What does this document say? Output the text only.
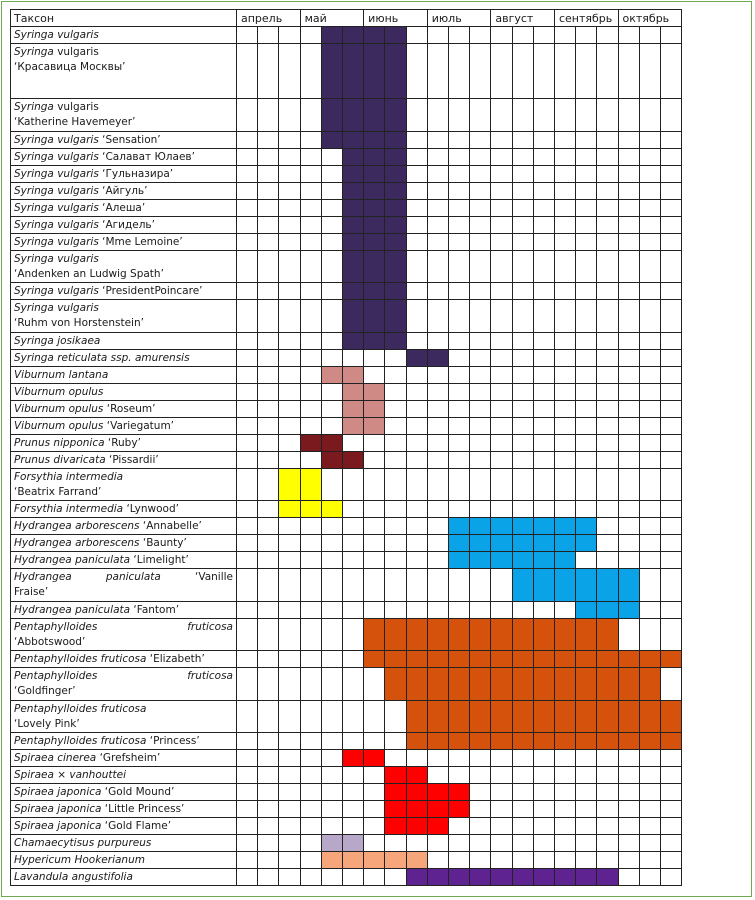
Таксон	апрель			май			июнь			июль			август			сентябрь			октябрь		

Syringa vulgaris																					

Syringa vulgaris
‘Красавица Москвы’																					

Syringa vulgaris
‘Katherine Havemeyer’																					

Syringa vulgaris ‘Sensation’																					

Syringa vulgaris ‘Салават Юлаев’																					

Syringa vulgaris ‘Гульназира’																					

Syringa vulgaris ‘Айгуль’																					

Syringa vulgaris ‘Алеша’																					

Syringa vulgaris ‘Агидель’																					

Syringa vulgaris ‘Mme Lemoine’																					

Syringa vulgaris
‘Andenken an Ludwig Spath’																					

Syringa vulgaris ‘PresidentPoincare’																					

Syringa vulgaris
‘Ruhm von Horstenstein’																					

Syringa josikaea																					

Syringa reticulata ssp. amurensis																					

Viburnum lantana																					

Viburnum opulus																					

Viburnum opulus ‘Roseum’																					

Viburnum opulus ‘Variegatum’																					

Prunus nipponica ‘Ruby’																					

Prunus divaricata ‘Pissardii’																					

Forsythia intermedia
‘Beatrix Farrand’																					

Forsythia intermedia ‘Lynwood’																					

Hydrangea arborescens ‘Annabelle’																					

Hydrangea arborescens ‘Baunty’																					

Hydrangea paniculata ‘Limelight’																					

Hydrangea paniculata ‘Vanille
Fraise’																					

Hydrangea paniculata ‘Fantom’																					

Pentaphylloides fruticosa
‘Abbotswood’																					

Pentaphylloides fruticosa ‘Elizabeth’																					

Pentaphylloides fruticosa
‘Goldfinger’																					

Pentaphylloides fruticosa
‘Lovely Pink’																					

Pentaphylloides fruticosa ‘Princess’																					

Spiraea cinerea ‘Grefsheim’																					

Spiraea × vanhouttei																					

Spiraea japonica ‘Gold Mound’																					

Spiraea japonica ‘Little Princess’																					

Spiraea japonica ‘Gold Flame’																					

Chamaecytisus purpureus																					

Hypericum Hookerianum																					

Lavandula angustifolia																					
